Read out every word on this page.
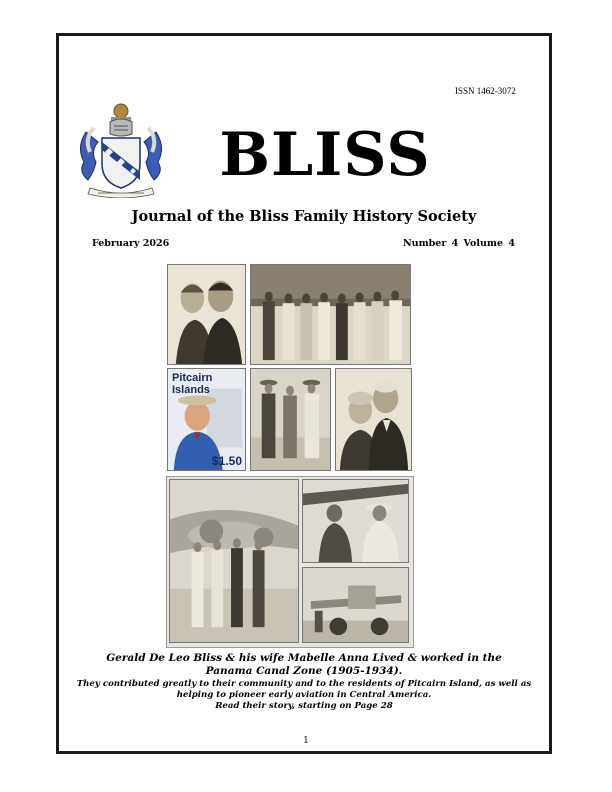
ISSN 1462-3072
BLISS
Journal of the Bliss Family History Society
February 2026	Number 4 Volume 4
Pitcairn Islands
$1.50
Gerald De Leo Bliss & his wife Mabelle Anna Lived & worked in the
Panama Canal Zone (1905-1934).
They contributed greatly to their community and to the residents of Pitcairn Island, as well as
helping to pioneer early aviation in Central America.
Read their story, starting on Page 28
1
